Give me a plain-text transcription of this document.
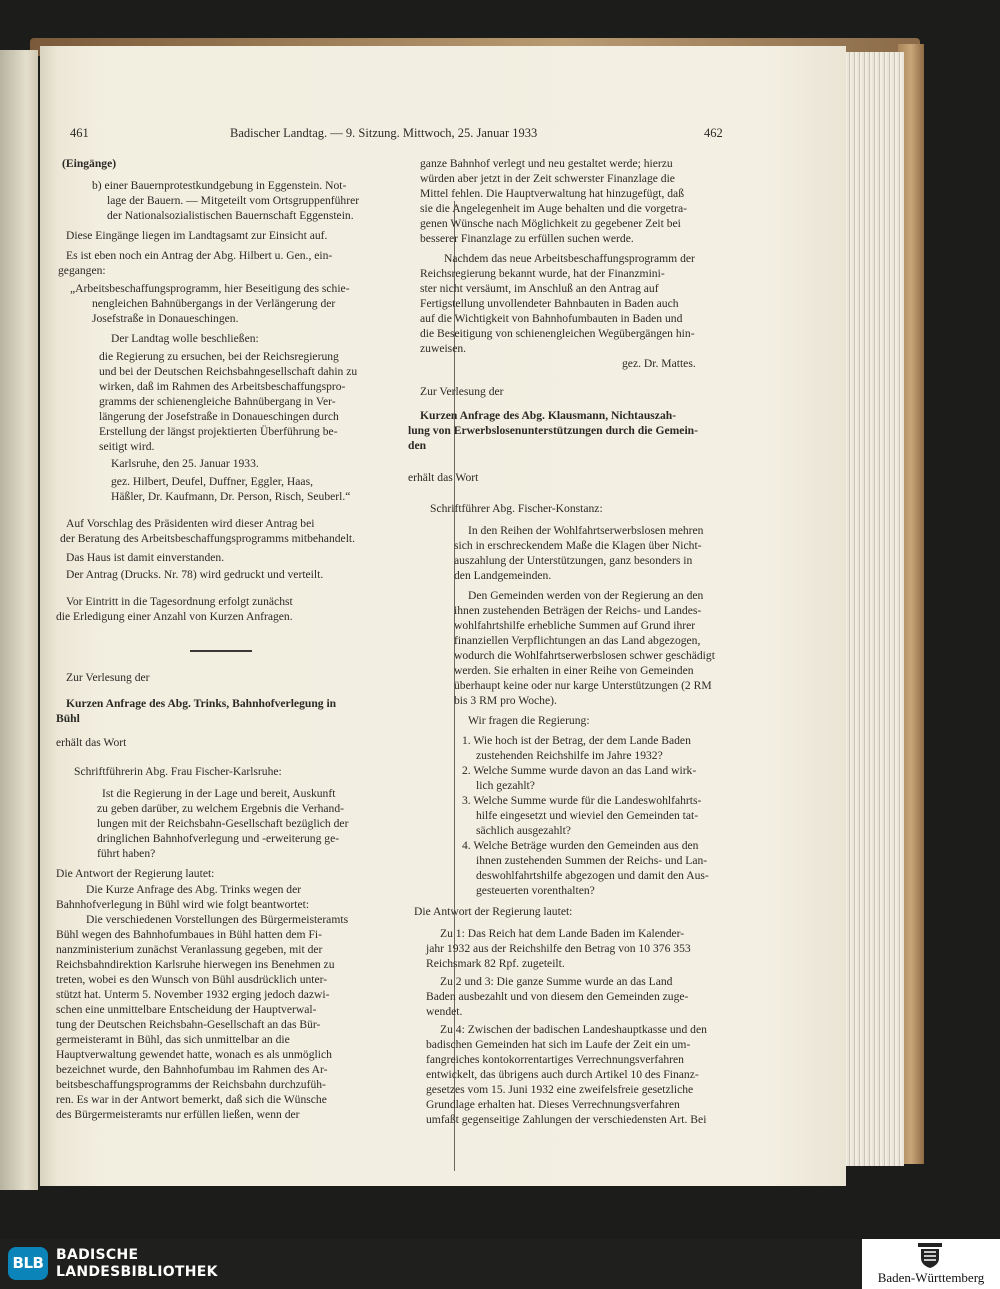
461	Badischer Landtag. — 9. Sitzung. Mittwoch, 25. Januar 1933	462
(Eingänge)
b) einer Bauernprotestkundgebung in Eggenstein. Not-
lage der Bauern. — Mitgeteilt vom Ortsgruppenführer
der Nationalsozialistischen Bauernschaft Eggenstein.
Diese Eingänge liegen im Landtagsamt zur Einsicht auf.
Es ist eben noch ein Antrag der Abg. Hilbert u. Gen., ein-
gegangen:
„Arbeitsbeschaffungsprogramm, hier Beseitigung des schie-
nengleichen Bahnübergangs in der Verlängerung der
Josefstraße in Donaueschingen.
Der Landtag wolle beschließen:
die Regierung zu ersuchen, bei der Reichsregierung
und bei der Deutschen Reichsbahngesellschaft dahin zu
wirken, daß im Rahmen des Arbeitsbeschaffungspro-
gramms der schienengleiche Bahnübergang in Ver-
längerung der Josefstraße in Donaueschingen durch
Erstellung der längst projektierten Überführung be-
seitigt wird.
Karlsruhe, den 25. Januar 1933.
gez. Hilbert, Deufel, Duffner, Eggler, Haas,
Häßler, Dr. Kaufmann, Dr. Person, Risch, Seuberl.“
Auf Vorschlag des Präsidenten wird dieser Antrag bei
der Beratung des Arbeitsbeschaffungsprogramms mitbehandelt.
Das Haus ist damit einverstanden.
Der Antrag (Drucks. Nr. 78) wird gedruckt und verteilt.
Vor Eintritt in die Tagesordnung erfolgt zunächst
die Erledigung einer Anzahl von Kurzen Anfragen.
Zur Verlesung der
Kurzen Anfrage des Abg. Trinks, Bahnhofverlegung in
Bühl
erhält das Wort
Schriftführerin Abg. Frau Fischer-Karlsruhe:
Ist die Regierung in der Lage und bereit, Auskunft
zu geben darüber, zu welchem Ergebnis die Verhand-
lungen mit der Reichsbahn-Gesellschaft bezüglich der
dringlichen Bahnhofverlegung und -erweiterung ge-
führt haben?
Die Antwort der Regierung lautet:
Die Kurze Anfrage des Abg. Trinks wegen der
Bahnhofverlegung in Bühl wird wie folgt beantwortet:
Die verschiedenen Vorstellungen des Bürgermeisteramts
Bühl wegen des Bahnhofumbaues in Bühl hatten dem Fi-
nanzministerium zunächst Veranlassung gegeben, mit der
Reichsbahndirektion Karlsruhe hierwegen ins Benehmen zu
treten, wobei es den Wunsch von Bühl ausdrücklich unter-
stützt hat. Unterm 5. November 1932 erging jedoch dazwi-
schen eine unmittelbare Entscheidung der Hauptverwal-
tung der Deutschen Reichsbahn-Gesellschaft an das Bür-
germeisteramt in Bühl, das sich unmittelbar an die
Hauptverwaltung gewendet hatte, wonach es als unmöglich
bezeichnet wurde, den Bahnhofumbau im Rahmen des Ar-
beitsbeschaffungsprogramms der Reichsbahn durchzufüh-
ren. Es war in der Antwort bemerkt, daß sich die Wünsche
des Bürgermeisteramts nur erfüllen ließen, wenn der
ganze Bahnhof verlegt und neu gestaltet werde; hierzu
würden aber jetzt in der Zeit schwerster Finanzlage die
Mittel fehlen. Die Hauptverwaltung hat hinzugefügt, daß
sie die Angelegenheit im Auge behalten und die vorgetra-
genen Wünsche nach Möglichkeit zu gegebener Zeit bei
besserer Finanzlage zu erfüllen suchen werde.
Nachdem das neue Arbeitsbeschaffungsprogramm der
Reichsregierung bekannt wurde, hat der Finanzmini-
ster nicht versäumt, im Anschluß an den Antrag auf
Fertigstellung unvollendeter Bahnbauten in Baden auch
auf die Wichtigkeit von Bahnhofumbauten in Baden und
die Beseitigung von schienengleichen Wegübergängen hin-
zuweisen.
gez. Dr. Mattes.
Zur Verlesung der
Kurzen Anfrage des Abg. Klausmann, Nichtauszah-
lung von Erwerbslosenunterstützungen durch die Gemein-
den
erhält das Wort
Schriftführer Abg. Fischer-Konstanz:
In den Reihen der Wohlfahrtserwerbslosen mehren
sich in erschreckendem Maße die Klagen über Nicht-
auszahlung der Unterstützungen, ganz besonders in
den Landgemeinden.
Den Gemeinden werden von der Regierung an den
ihnen zustehenden Beträgen der Reichs- und Landes-
wohlfahrtshilfe erhebliche Summen auf Grund ihrer
finanziellen Verpflichtungen an das Land abgezogen,
wodurch die Wohlfahrtserwerbslosen schwer geschädigt
werden. Sie erhalten in einer Reihe von Gemeinden
überhaupt keine oder nur karge Unterstützungen (2 RM
bis 3 RM pro Woche).
Wir fragen die Regierung:
1. Wie hoch ist der Betrag, der dem Lande Baden
zustehenden Reichshilfe im Jahre 1932?
2. Welche Summe wurde davon an das Land wirk-
lich gezahlt?
3. Welche Summe wurde für die Landeswohlfahrts-
hilfe eingesetzt und wieviel den Gemeinden tat-
sächlich ausgezahlt?
4. Welche Beträge wurden den Gemeinden aus den
ihnen zustehenden Summen der Reichs- und Lan-
deswohlfahrtshilfe abgezogen und damit den Aus-
gesteuerten vorenthalten?
Die Antwort der Regierung lautet:
Zu 1: Das Reich hat dem Lande Baden im Kalender-
jahr 1932 aus der Reichshilfe den Betrag von 10 376 353
Reichsmark 82 Rpf. zugeteilt.
Zu 2 und 3: Die ganze Summe wurde an das Land
Baden ausbezahlt und von diesem den Gemeinden zuge-
wendet.
Zu 4: Zwischen der badischen Landeshauptkasse und den
badischen Gemeinden hat sich im Laufe der Zeit ein um-
fangreiches kontokorrentartiges Verrechnungsverfahren
entwickelt, das übrigens auch durch Artikel 10 des Finanz-
gesetzes vom 15. Juni 1932 eine zweifelsfreie gesetzliche
Grundlage erhalten hat. Dieses Verrechnungsverfahren
umfaßt gegenseitige Zahlungen der verschiedensten Art. Bei
BLB BADISCHE
LANDESBIBLIOTHEK	Baden-Württemberg
